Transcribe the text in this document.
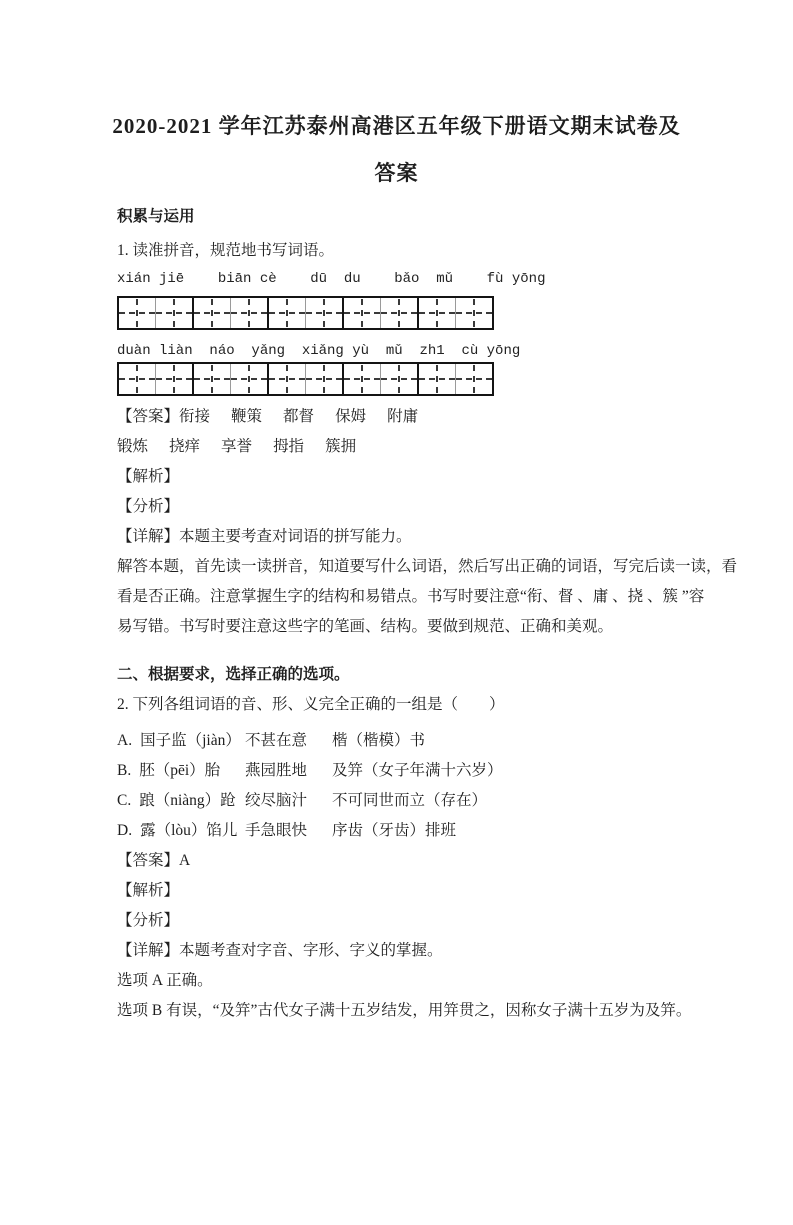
2020-2021 学年江苏泰州高港区五年级下册语文期末试卷及
答案
积累与运用
1. 读准拼音，规范地书写词语。
xián jiē    biān cè    dū  du    bǎo  mǔ    fù yōng
duàn liàn  náo  yǎng  xiǎng yù  mǔ  zh1  cù yōng
【答案】衔接 鞭策 都督 保姆 附庸
锻炼 挠痒 享誉 拇指 簇拥
【解析】
【分析】
【详解】本题主要考查对词语的拼写能力。
解答本题，首先读一读拼音，知道要写什么词语，然后写出正确的词语，写完后读一读，看
看是否正确。注意掌握生字的结构和易错点。书写时要注意“衔、督 、庸 、挠 、簇 ”容
易写错。书写时要注意这些字的笔画、结构。要做到规范、正确和美观。
二、根据要求，选择正确的选项。
2. 下列各组词语的音、形、义完全正确的一组是（　　）
A. 国子监（jiàn） 不甚在意	楷（楷模）书
B. 胚（pēi）胎	燕园胜地	及笄（女子年满十六岁）
C. 踉（niàng）跄 绞尽脑汁	不可同世而立（存在）
D. 露（lòu）馅儿 手急眼快	序齿（牙齿）排班
【答案】A
【解析】
【分析】
【详解】本题考查对字音、字形、字义的掌握。
选项 A 正确。
选项 B 有误，“及笄”古代女子满十五岁结发，用笄贯之，因称女子满十五岁为及笄。
